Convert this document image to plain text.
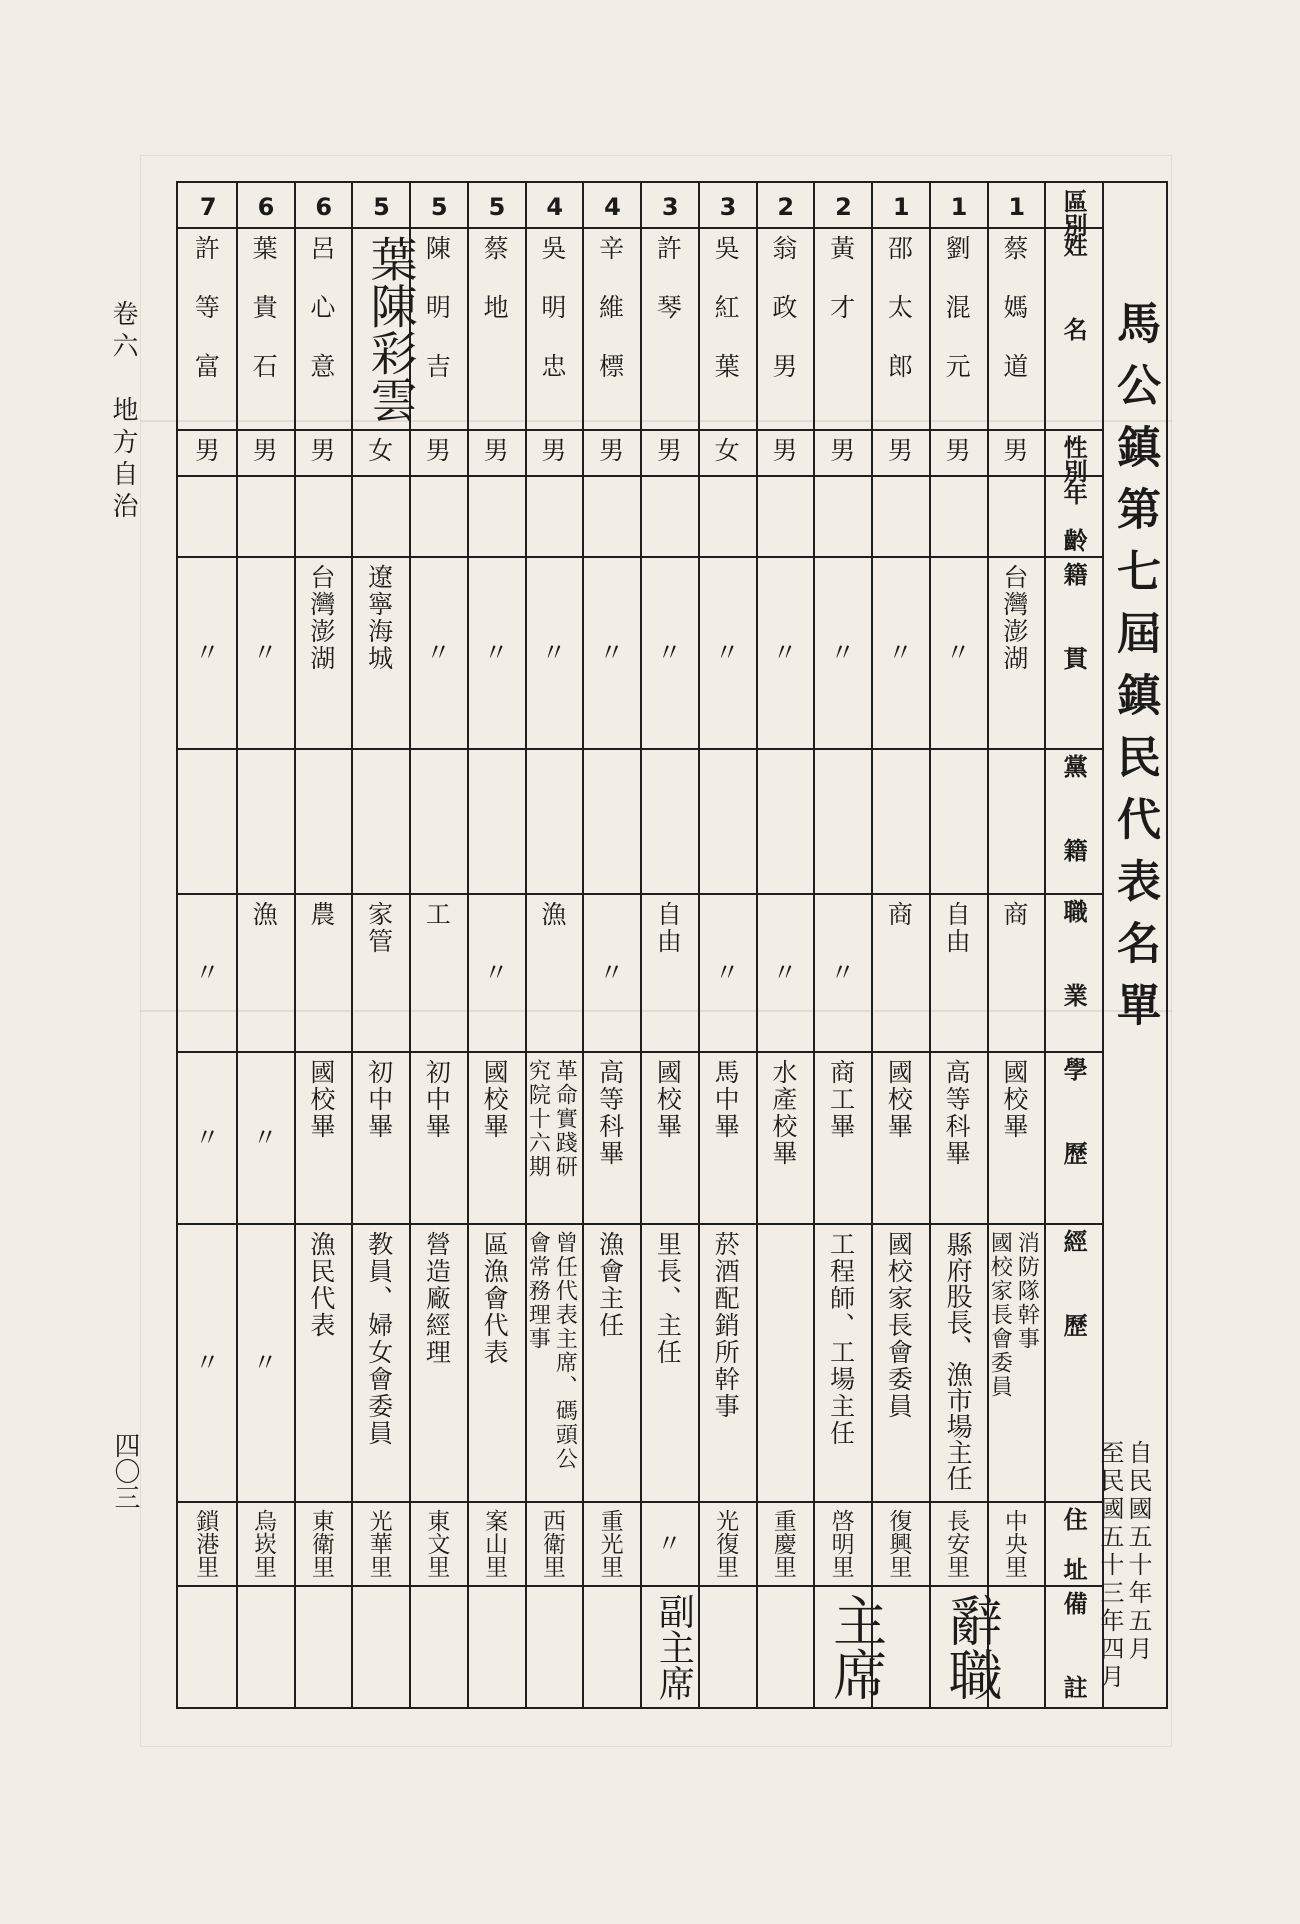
馬公鎮第七屆鎮民代表名單
自民國五十年五月
至民國五十三年四月
區別
姓名
性別
年齡
籍貫
黨籍
職業
學歷
經歷
住址
備註
1
蔡媽道
男
台灣澎湖
商
國校畢
消防隊幹事
國校家長會委員
中央里
1
劉混元
男
〃
自由
高等科畢
縣府股長、漁市場主任
長安里
辭職
1
邵太郎
男
〃
商
國校畢
國校家長會委員
復興里
2
黃才
男
〃
〃
商工畢
工程師、工場主任
啓明里
主席
2
翁政男
男
〃
〃
水產校畢
重慶里
3
吳紅葉
女
〃
〃
馬中畢
菸酒配銷所幹事
光復里
3
許琴
男
〃
自由
國校畢
里長、主任
〃
副主席
4
辛維標
男
〃
〃
高等科畢
漁會主任
重光里
4
吳明忠
男
〃
漁
革命實踐研
究院十六期
曾任代表主席、碼頭公
會常務理事
西衛里
5
蔡地
男
〃
〃
國校畢
區漁會代表
案山里
5
陳明吉
男
〃
工
初中畢
營造廠經理
東文里
5
葉陳彩雲
女
遼寧海城
家管
初中畢
教員、婦女會委員
光華里
6
呂心意
男
台灣澎湖
農
國校畢
漁民代表
東衛里
6
葉貴石
男
〃
漁
〃
〃
烏崁里
7
許等富
男
〃
〃
〃
〃
鎖港里
卷六　地方自治
四〇三
